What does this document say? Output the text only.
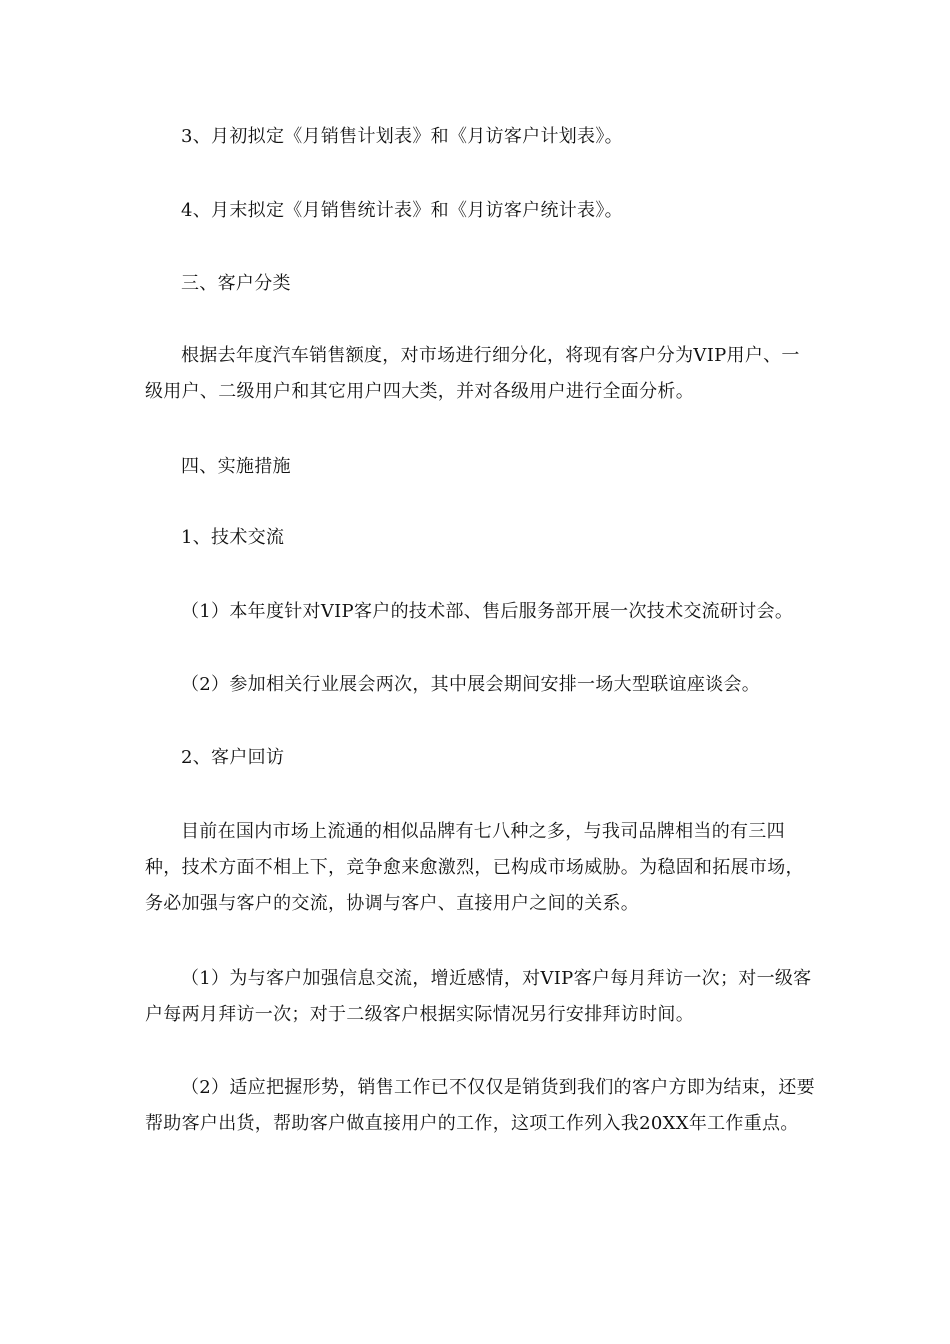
3、月初拟定《月销售计划表》和《月访客户计划表》。

4、月末拟定《月销售统计表》和《月访客户统计表》。

三、客户分类

根据去年度汽车销售额度，对市场进行细分化，将现有客户分为VIP用户、一级用户、二级用户和其它用户四大类，并对各级用户进行全面分析。

四、实施措施

1、技术交流

（1）本年度针对VIP客户的技术部、售后服务部开展一次技术交流研讨会。

（2）参加相关行业展会两次，其中展会期间安排一场大型联谊座谈会。

2、客户回访

目前在国内市场上流通的相似品牌有七八种之多，与我司品牌相当的有三四种，技术方面不相上下，竞争愈来愈激烈，已构成市场威胁。为稳固和拓展市场，务必加强与客户的交流，协调与客户、直接用户之间的关系。

（1）为与客户加强信息交流，增近感情，对VIP客户每月拜访一次；对一级客户每两月拜访一次；对于二级客户根据实际情况另行安排拜访时间。

（2）适应把握形势，销售工作已不仅仅是销货到我们的客户方即为结束，还要帮助客户出货，帮助客户做直接用户的工作，这项工作列入我20XX年工作重点。
